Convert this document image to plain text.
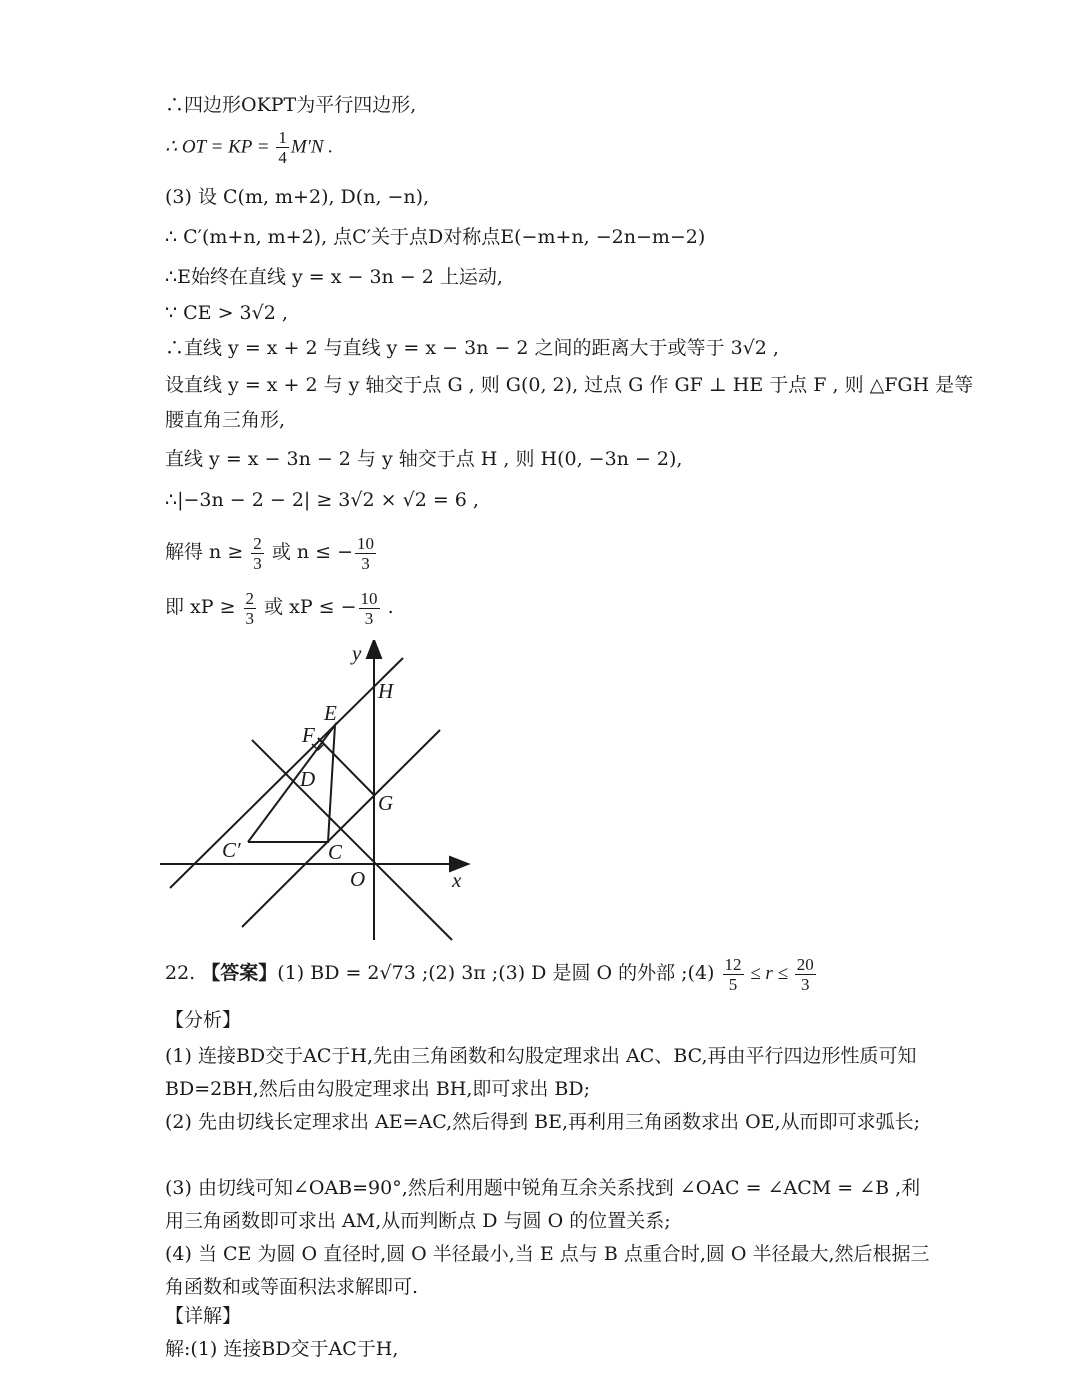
∴四边形OKPT为平行四边形,
∴ OT = KP = $\frac{1}{4} M'N$ .
(3) 设 C(m, m+2), D(n, −n),
∴ C′(m+n, m+2), 点C′关于点D对称点E(−m+n, −2n−m−2)
∴E始终在直线 y = x − 3n − 2 上运动,
∵ CE > 3√2 ,
∴直线 y = x + 2 与直线 y = x − 3n − 2 之间的距离大于或等于 3√2 ,
设直线 y = x + 2 与 y 轴交于点 G , 则 G(0, 2), 过点 G 作 GF ⊥ HE 于点 F , 则 △FGH 是等
腰直角三角形,
直线 y = x − 3n − 2 与 y 轴交于点 H , 则 H(0, −3n − 2),
∴|−3n − 2 − 2| ≥ 3√2 × √2 = 6 ,
解得 $n \ge \frac{2}{3}$ 或 n ≤ − $\frac{10}{3}$
即 xP ≥ $\frac{2}{3}$ 或 xP ≤ − $\frac{10}{3}$ .
y
x
O
H
E
F
D
G
C′	C
22. 【答案】(1) BD = 2√73 ;(2) 3π ;(3) D 是圆 O 的外部 ;(4) $\frac{12}{5} \le r \le \frac{20}{3}$
【分析】
(1) 连接BD交于AC于H,先由三角函数和勾股定理求出 AC、BC,再由平行四边形性质可知 BD=2BH,然后由勾股定理求出 BH,即可求出 BD;
(2) 先由切线长定理求出 AE=AC,然后得到 BE,再利用三角函数求出 OE,从而即可求弧长;
(3) 由切线可知∠OAB=90°,然后利用题中锐角互余关系找到 ∠OAC = ∠ACM = ∠B ,利用三角函数即可求出 AM,从而判断点 D 与圆 O 的位置关系;
(4) 当 CE 为圆 O 直径时,圆 O 半径最小,当 E 点与 B 点重合时,圆 O 半径最大,然后根据三角函数和或等面积法求解即可.
【详解】
解:(1) 连接BD交于AC于H,
